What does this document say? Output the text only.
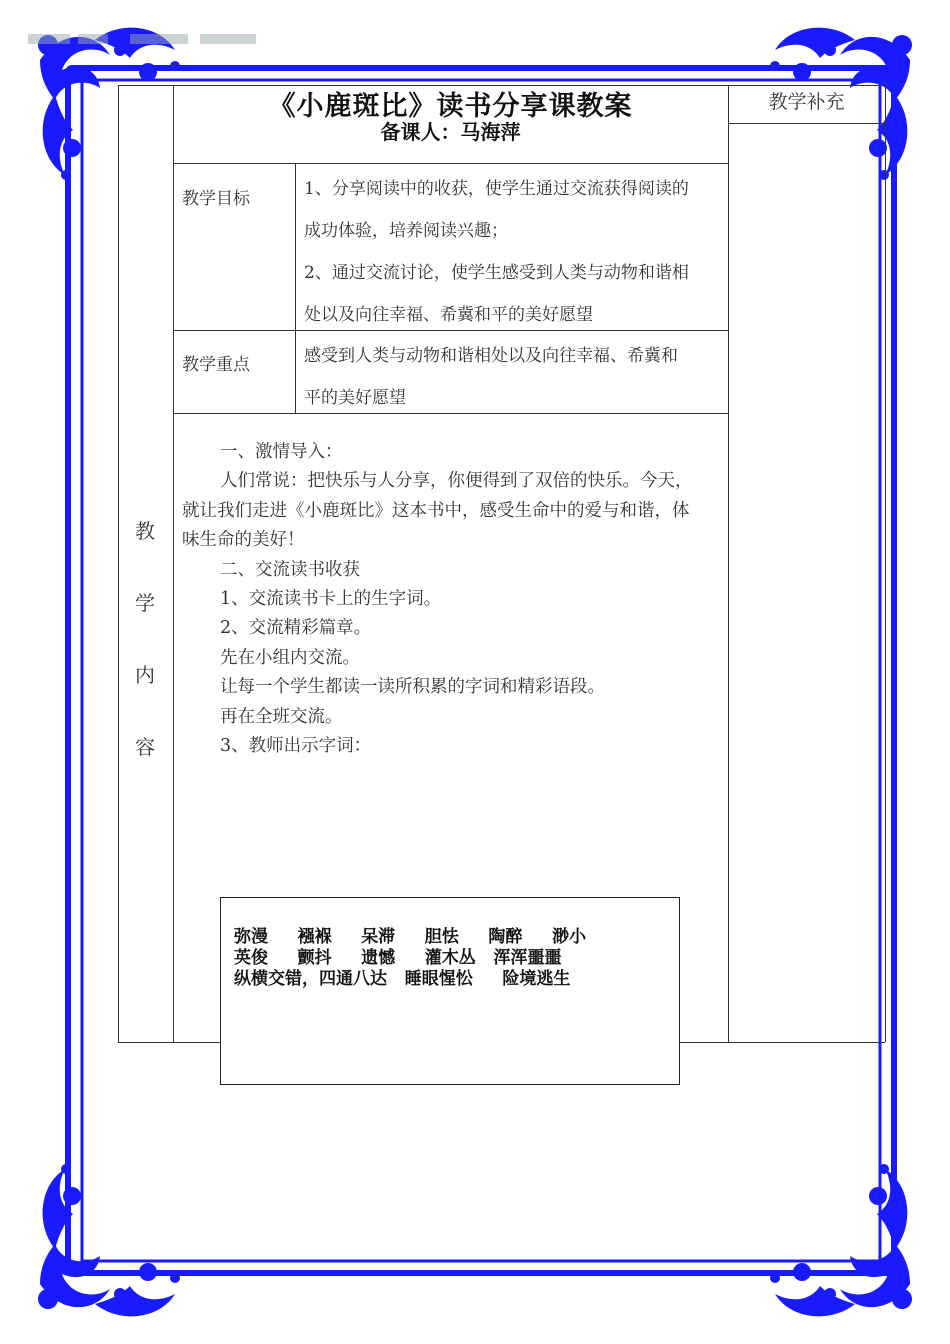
《小鹿斑比》读书分享课教案
备课人：马海萍
教学补充
教学目标	1、分享阅读中的收获，使学生通过交流获得阅读的
成功体验，培养阅读兴趣；
2、通过交流讨论，使学生感受到人类与动物和谐相
处以及向往幸福、希冀和平的美好愿望
教学重点	感受到人类与动物和谐相处以及向往幸福、希冀和
平的美好愿望
教
学
内
容

一、激情导入：

人们常说：把快乐与人分享，你便得到了双倍的快乐。今天，

就让我们走进《小鹿斑比》这本书中，感受生命中的爱与和谐，体

味生命的美好！

二、交流读书收获

1、交流读书卡上的生字词。

2、交流精彩篇章。

先在小组内交流。

让每一个学生都读一读所积累的字词和精彩语段。

再在全班交流。

3、教师出示字词：

弥漫     襁褓     呆滞     胆怯     陶醉     渺小
英俊     颤抖     遗憾     灌木丛   浑浑噩噩
纵横交错，四通八达   睡眼惺忪     险境逃生
